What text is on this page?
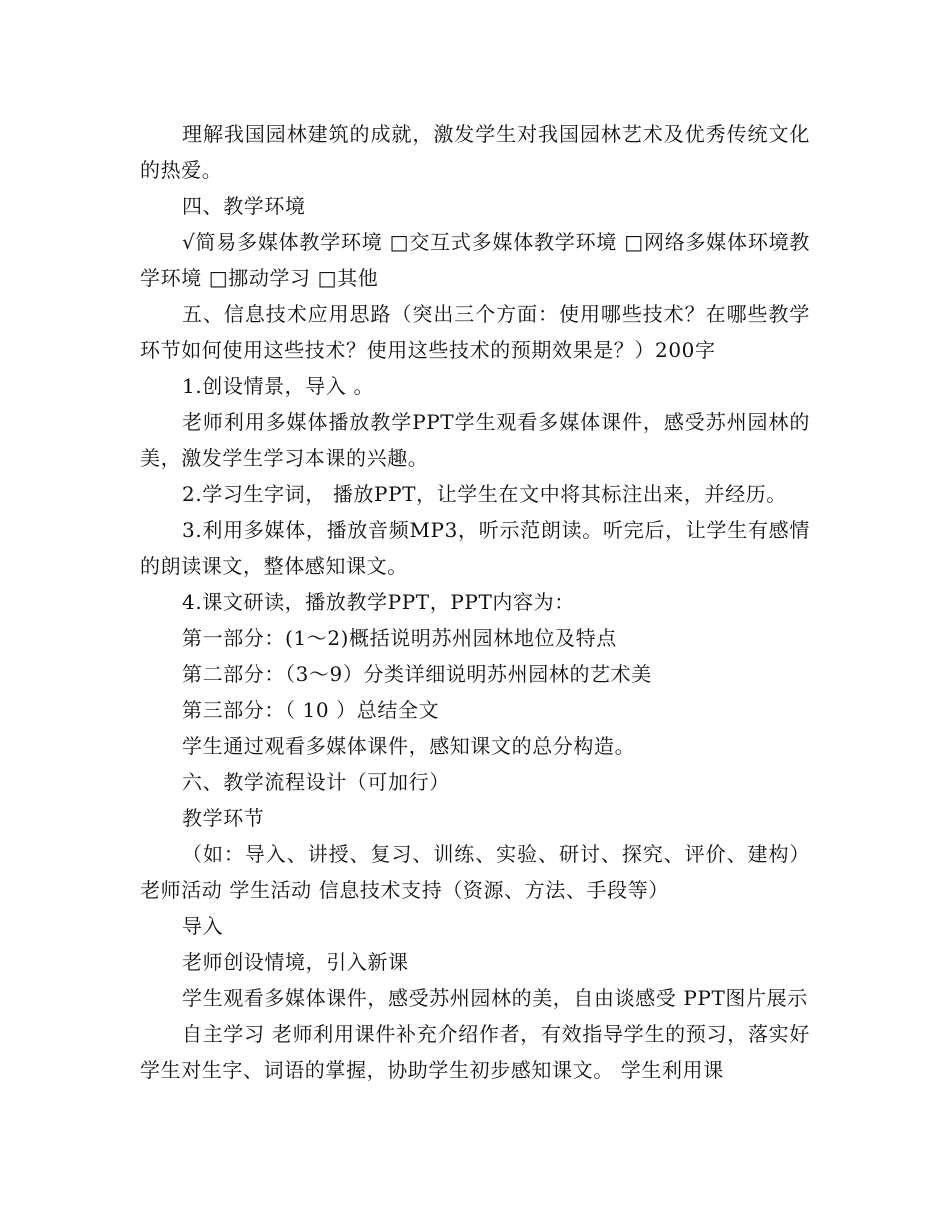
理解我国园林建筑的成就，激发学生对我国园林艺术及优秀传统文化的热爱。

四、教学环境

√简易多媒体教学环境 □交互式多媒体教学环境 □网络多媒体环境教学环境 □挪动学习 □其他

五、信息技术应用思路（突出三个方面：使用哪些技术？在哪些教学环节如何使用这些技术？使用这些技术的预期效果是？）200字

1.创设情景，导入 。

老师利用多媒体播放教学PPT学生观看多媒体课件，感受苏州园林的美，激发学生学习本课的兴趣。

2.学习生字词， 播放PPT，让学生在文中将其标注出来，并经历。

3.利用多媒体，播放音频MP3，听示范朗读。听完后，让学生有感情的朗读课文，整体感知课文。

4.课文研读，播放教学PPT，PPT内容为：

第一部分：(1～2)概括说明苏州园林地位及特点

第二部分：（3～9）分类详细说明苏州园林的艺术美

第三部分：（ 10 ）总结全文

学生通过观看多媒体课件，感知课文的总分构造。

六、教学流程设计（可加行）

教学环节

（如：导入、讲授、复习、训练、实验、研讨、探究、评价、建构） 老师活动 学生活动 信息技术支持（资源、方法、手段等）

导入

老师创设情境，引入新课

学生观看多媒体课件，感受苏州园林的美，自由谈感受 PPT图片展示

自主学习 老师利用课件补充介绍作者，有效指导学生的预习，落实好学生对生字、词语的掌握，协助学生初步感知课文。 学生利用课
